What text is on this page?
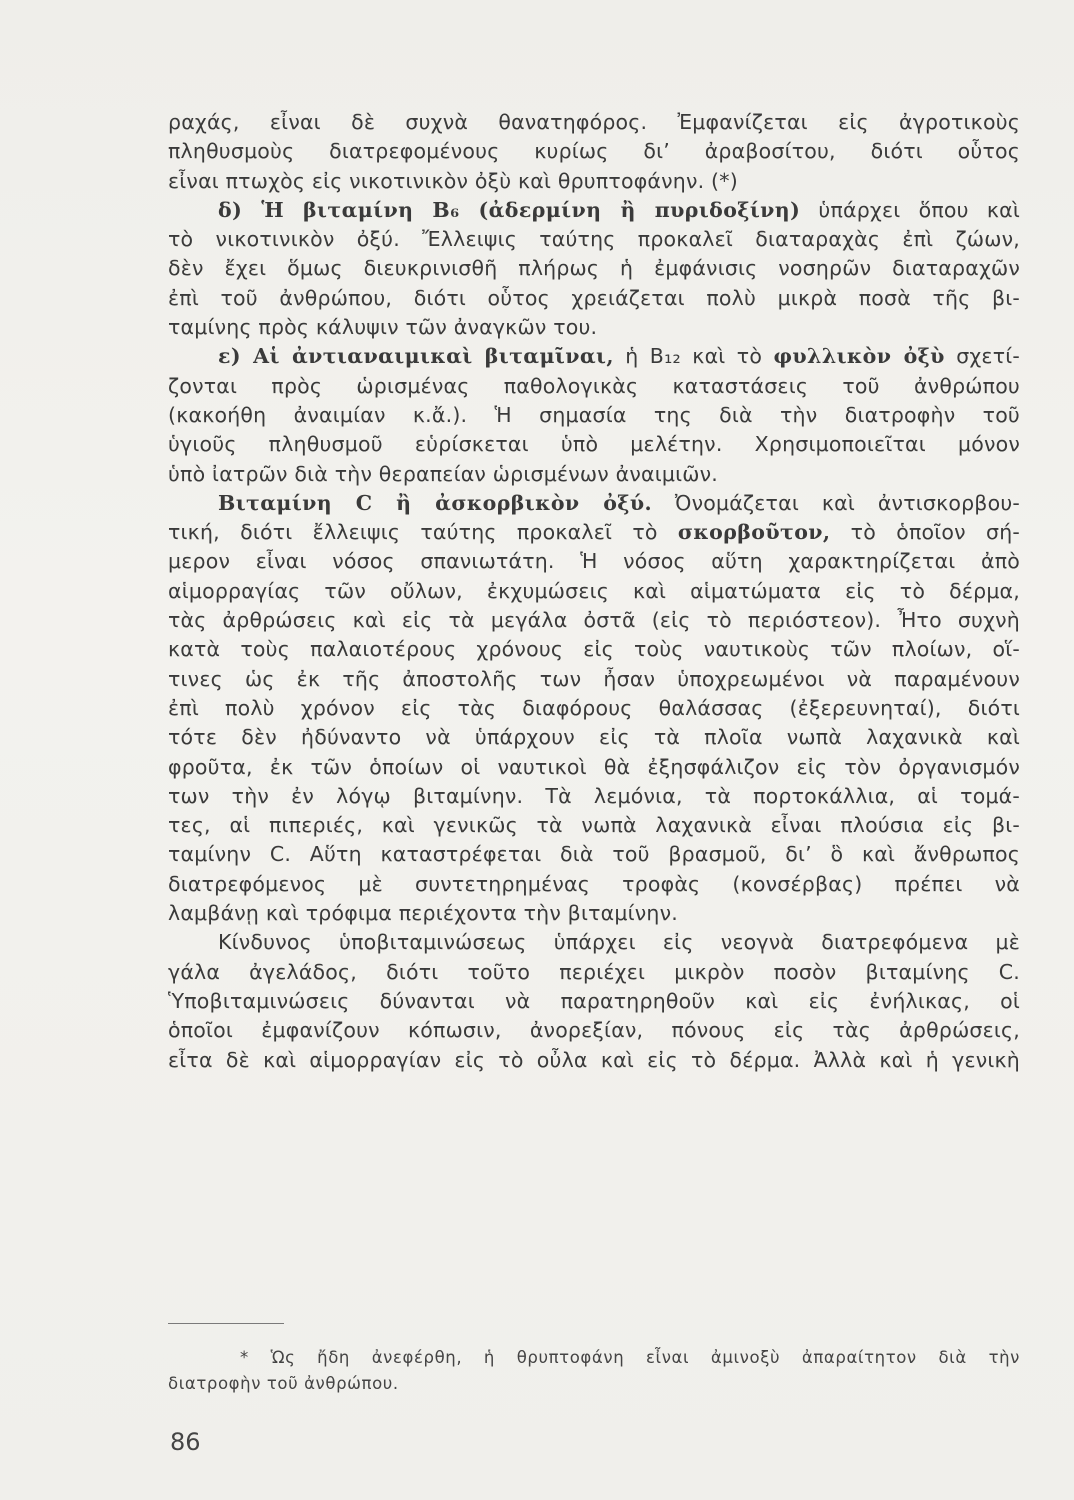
ραχάς, εἶναι δὲ συχνὰ θανατηφόρος. Ἐμφανίζεται εἰς ἀγροτικοὺς
πληθυσμοὺς διατρεφομένους κυρίως δι’ ἀραβοσίτου, διότι οὗτος
εἶναι πτωχὸς εἰς νικοτινικὸν ὀξὺ καὶ θρυπτοφάνην. (*)
δ) Ἡ βιταμίνη Β₆ (ἀδερμίνη ἢ πυριδοξίνη) ὑπάρχει ὅπου καὶ
τὸ νικοτινικὸν ὀξύ. Ἔλλειψις ταύτης προκαλεῖ διαταραχὰς ἐπὶ ζώων,
δὲν ἔχει ὅμως διευκρινισθῆ πλήρως ἡ ἐμφάνισις νοσηρῶν διαταραχῶν
ἐπὶ τοῦ ἀνθρώπου, διότι οὗτος χρειάζεται πολὺ μικρὰ ποσὰ τῆς βι-
ταμίνης πρὸς κάλυψιν τῶν ἀναγκῶν του.
ε) Αἱ ἀντιαναιμικαὶ βιταμῖναι, ἡ Β₁₂ καὶ τὸ φυλλικὸν ὀξὺ σχετί-
ζονται πρὸς ὡρισμένας παθολογικὰς καταστάσεις τοῦ ἀνθρώπου
(κακοήθη ἀναιμίαν κ.ἄ.). Ἡ σημασία της διὰ τὴν διατροφὴν τοῦ
ὑγιοῦς πληθυσμοῦ εὑρίσκεται ὑπὸ μελέτην. Χρησιμοποιεῖται μόνον
ὑπὸ ἰατρῶν διὰ τὴν θεραπείαν ὡρισμένων ἀναιμιῶν.
Βιταμίνη C ἢ ἀσκορβικὸν ὀξύ. Ὀνομάζεται καὶ ἀντισκορβου-
τική, διότι ἔλλειψις ταύτης προκαλεῖ τὸ σκορβοῦτον, τὸ ὁποῖον σή-
μερον εἶναι νόσος σπανιωτάτη. Ἡ νόσος αὕτη χαρακτηρίζεται ἀπὸ
αἱμορραγίας τῶν οὔλων, ἐκχυμώσεις καὶ αἱματώματα εἰς τὸ δέρμα,
τὰς ἀρθρώσεις καὶ εἰς τὰ μεγάλα ὀστᾶ (εἰς τὸ περιόστεον). Ἦτο συχνὴ
κατὰ τοὺς παλαιοτέρους χρόνους εἰς τοὺς ναυτικοὺς τῶν πλοίων, οἵ-
τινες ὡς ἐκ τῆς ἀποστολῆς των ἦσαν ὑποχρεωμένοι νὰ παραμένουν
ἐπὶ πολὺ χρόνον εἰς τὰς διαφόρους θαλάσσας (ἐξερευνηταί), διότι
τότε δὲν ἠδύναντο νὰ ὑπάρχουν εἰς τὰ πλοῖα νωπὰ λαχανικὰ καὶ
φροῦτα, ἐκ τῶν ὁποίων οἱ ναυτικοὶ θὰ ἐξησφάλιζον εἰς τὸν ὀργανισμόν
των τὴν ἐν λόγῳ βιταμίνην. Τὰ λεμόνια, τὰ πορτοκάλλια, αἱ τομά-
τες, αἱ πιπεριές, καὶ γενικῶς τὰ νωπὰ λαχανικὰ εἶναι πλούσια εἰς βι-
ταμίνην C. Αὕτη καταστρέφεται διὰ τοῦ βρασμοῦ, δι’ ὃ καὶ ἄνθρωπος
διατρεφόμενος μὲ συντετηρημένας τροφὰς (κονσέρβας) πρέπει νὰ
λαμβάνῃ καὶ τρόφιμα περιέχοντα τὴν βιταμίνην.
Κίνδυνος ὑποβιταμινώσεως ὑπάρχει εἰς νεογνὰ διατρεφόμενα μὲ
γάλα ἀγελάδος, διότι τοῦτο περιέχει μικρὸν ποσὸν βιταμίνης C.
Ὑποβιταμινώσεις δύνανται νὰ παρατηρηθοῦν καὶ εἰς ἐνήλικας, οἱ
ὁποῖοι ἐμφανίζουν κόπωσιν, ἀνορεξίαν, πόνους εἰς τὰς ἀρθρώσεις,
εἶτα δὲ καὶ αἱμορραγίαν εἰς τὸ οὖλα καὶ εἰς τὸ δέρμα. Ἀλλὰ καὶ ἡ γενικὴ
* Ὡς ἤδη ἀνεφέρθη, ἡ θρυπτοφάνη εἶναι ἀμινοξὺ ἀπαραίτητον διὰ τὴν
διατροφὴν τοῦ ἀνθρώπου.
86
